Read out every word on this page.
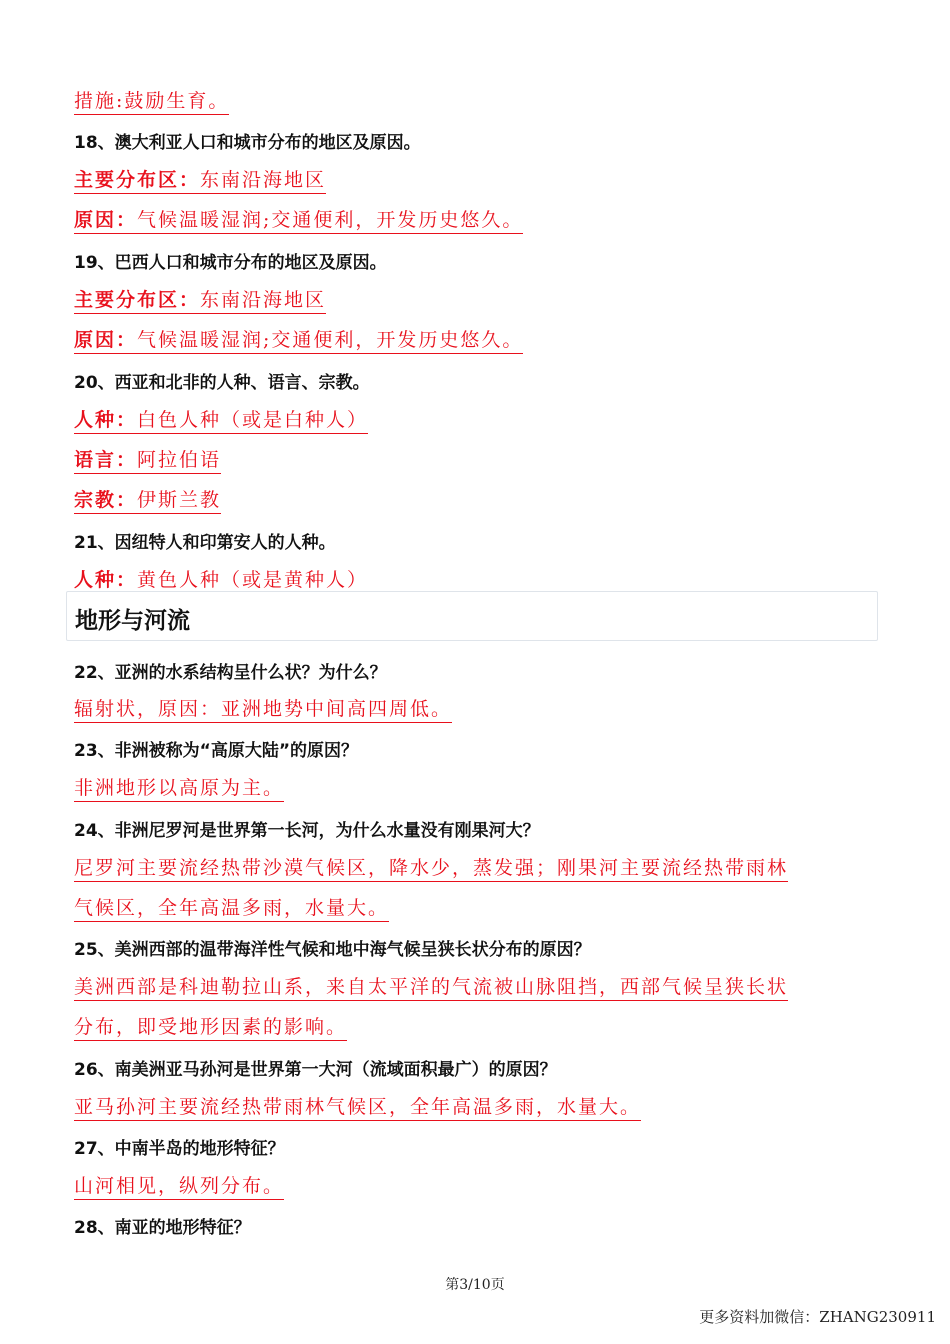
措施:鼓励生育。
18、澳大利亚人口和城市分布的地区及原因。
主要分布区：东南沿海地区
原因：气候温暖湿润;交通便利，开发历史悠久。
19、巴西人口和城市分布的地区及原因。
主要分布区：东南沿海地区
原因：气候温暖湿润;交通便利，开发历史悠久。
20、西亚和北非的人种、语言、宗教。
人种：白色人种（或是白种人）
语言：阿拉伯语
宗教：伊斯兰教
21、因纽特人和印第安人的人种。
人种：黄色人种（或是黄种人）
地形与河流
22、亚洲的水系结构呈什么状？为什么？
辐射状，原因：亚洲地势中间高四周低。
23、非洲被称为“高原大陆”的原因？
非洲地形以高原为主。
24、非洲尼罗河是世界第一长河，为什么水量没有刚果河大？
尼罗河主要流经热带沙漠气候区，降水少，蒸发强；刚果河主要流经热带雨林
气候区，全年高温多雨，水量大。
25、美洲西部的温带海洋性气候和地中海气候呈狭长状分布的原因？
美洲西部是科迪勒拉山系，来自太平洋的气流被山脉阻挡，西部气候呈狭长状
分布，即受地形因素的影响。
26、南美洲亚马孙河是世界第一大河（流域面积最广）的原因？
亚马孙河主要流经热带雨林气候区，全年高温多雨，水量大。
27、中南半岛的地形特征？
山河相见，纵列分布。
28、南亚的地形特征？
第3/10页
更多资料加微信：ZHANG230911
